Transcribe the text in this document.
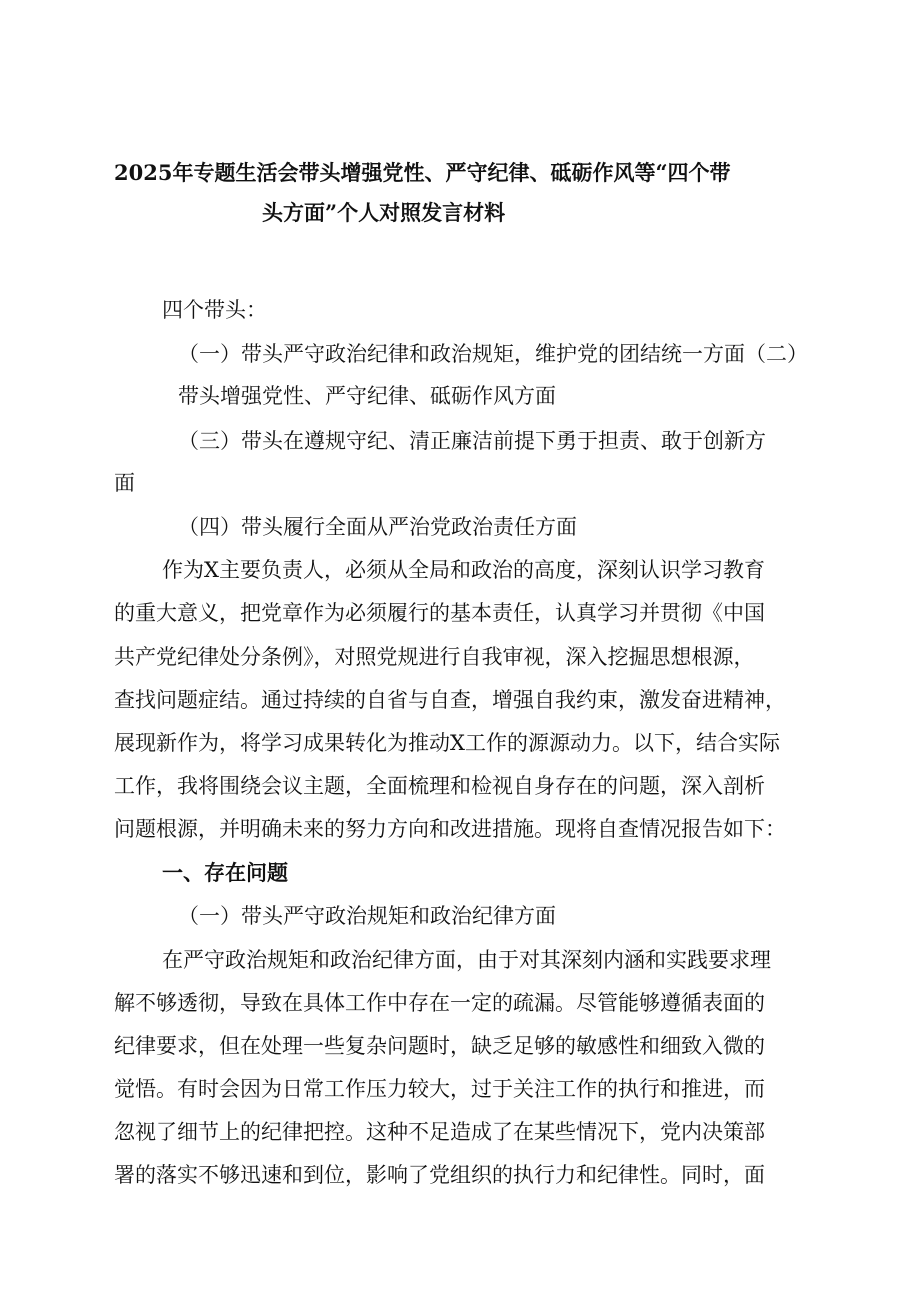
2025年专题生活会带头增强党性、严守纪律、砥砺作风等“四个带
头方面”个人对照发言材料
四个带头：
（一）带头严守政治纪律和政治规矩，维护党的团结统一方面（二）
带头增强党性、严守纪律、砥砺作风方面
（三）带头在遵规守纪、清正廉洁前提下勇于担责、敢于创新方
面
（四）带头履行全面从严治党政治责任方面
作为X主要负责人，必须从全局和政治的高度，深刻认识学习教育
的重大意义，把党章作为必须履行的基本责任，认真学习并贯彻《中国
共产党纪律处分条例》，对照党规进行自我审视，深入挖掘思想根源，
查找问题症结。通过持续的自省与自查，增强自我约束，激发奋进精神，
展现新作为，将学习成果转化为推动X工作的源源动力。以下，结合实际
工作，我将围绕会议主题，全面梳理和检视自身存在的问题，深入剖析
问题根源，并明确未来的努力方向和改进措施。现将自查情况报告如下：
一、存在问题
（一）带头严守政治规矩和政治纪律方面
在严守政治规矩和政治纪律方面，由于对其深刻内涵和实践要求理
解不够透彻，导致在具体工作中存在一定的疏漏。尽管能够遵循表面的
纪律要求，但在处理一些复杂问题时，缺乏足够的敏感性和细致入微的
觉悟。有时会因为日常工作压力较大，过于关注工作的执行和推进，而
忽视了细节上的纪律把控。这种不足造成了在某些情况下，党内决策部
署的落实不够迅速和到位，影响了党组织的执行力和纪律性。同时，面
